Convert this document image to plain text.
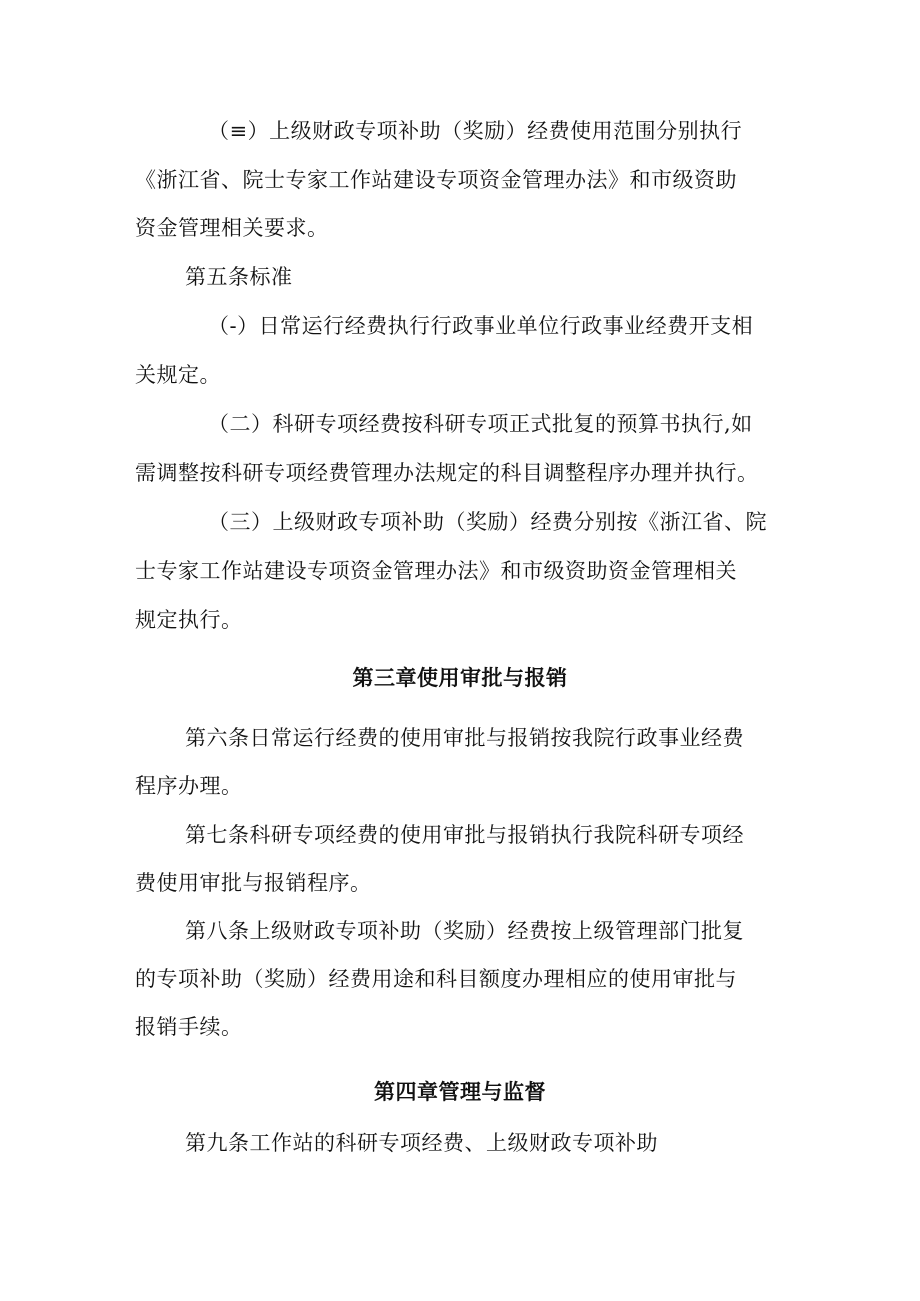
（≡）上级财政专项补助（奖励）经费使用范围分别执行
《浙江省、院士专家工作站建设专项资金管理办法》和市级资助
资金管理相关要求。
第五条标准
（-）日常运行经费执行行政事业单位行政事业经费开支相
关规定。
（二）科研专项经费按科研专项正式批复的预算书执行,如
需调整按科研专项经费管理办法规定的科目调整程序办理并执行。
（三）上级财政专项补助（奖励）经费分别按《浙江省、院
士专家工作站建设专项资金管理办法》和市级资助资金管理相关
规定执行。
第三章使用审批与报销
第六条日常运行经费的使用审批与报销按我院行政事业经费
程序办理。
第七条科研专项经费的使用审批与报销执行我院科研专项经
费使用审批与报销程序。
第八条上级财政专项补助（奖励）经费按上级管理部门批复
的专项补助（奖励）经费用途和科目额度办理相应的使用审批与
报销手续。
第四章管理与监督
第九条工作站的科研专项经费、上级财政专项补助
